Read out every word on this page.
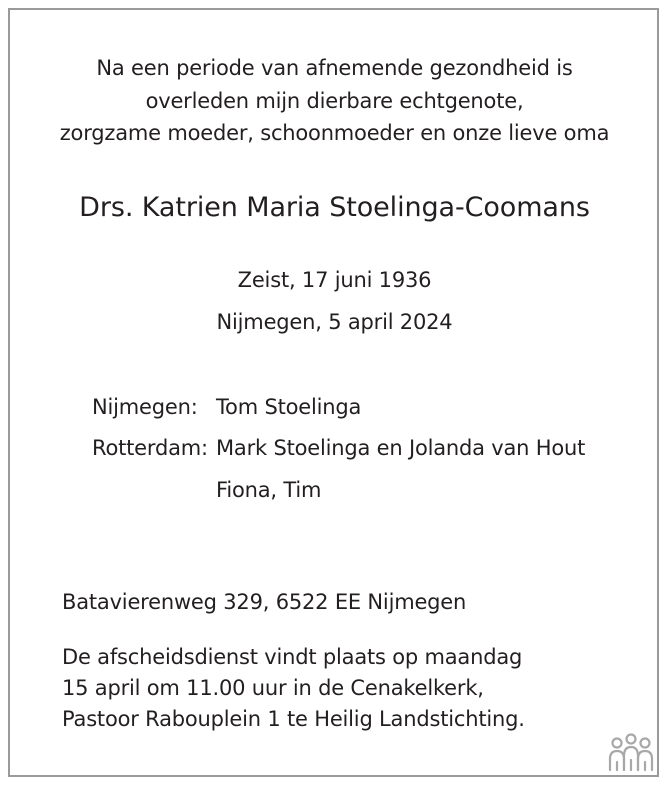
Na een periode van afnemende gezondheid is
overleden mijn dierbare echtgenote,
zorgzame moeder, schoonmoeder en onze lieve oma
Drs. Katrien Maria Stoelinga-Coomans
Zeist, 17 juni 1936
Nijmegen, 5 april 2024
Nijmegen: Tom Stoelinga
Rotterdam: Mark Stoelinga en Jolanda van Hout
Fiona, Tim
Batavierenweg 329, 6522 EE Nijmegen
De afscheidsdienst vindt plaats op maandag
15 april om 11.00 uur in de Cenakelkerk,
Pastoor Rabouplein 1 te Heilig Landstichting.
